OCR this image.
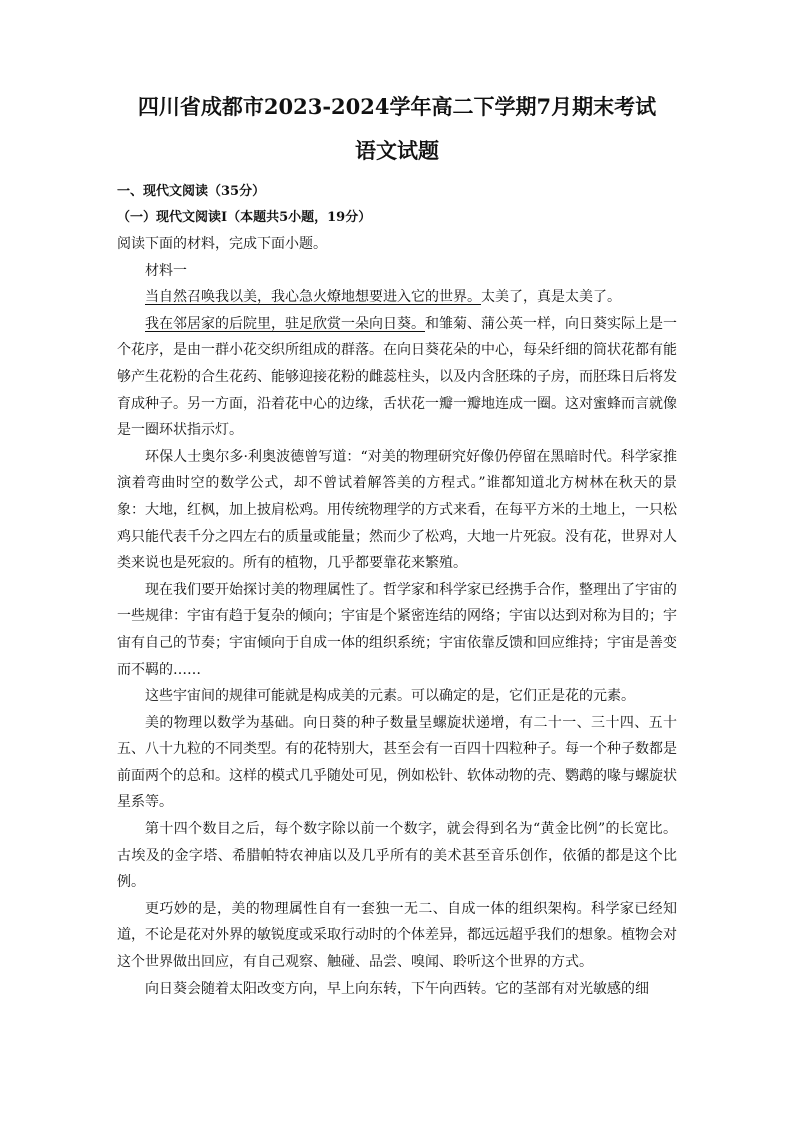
四川省成都市2023-2024学年高二下学期7月期末考试

语文试题

一、现代文阅读（35分）

（一）现代文阅读I（本题共5小题，19分）

阅读下面的材料，完成下面小题。

材料一

当自然召唤我以美，我心急火燎地想要进入它的世界。太美了，真是太美了。

我在邻居家的后院里，驻足欣赏一朵向日葵。和雏菊、蒲公英一样，向日葵实际上是一个花序，是由一群小花交织所组成的群落。在向日葵花朵的中心，每朵纤细的筒状花都有能够产生花粉的合生花药、能够迎接花粉的雌蕊柱头，以及内含胚珠的子房，而胚珠日后将发育成种子。另一方面，沿着花中心的边缘，舌状花一瓣一瓣地连成一圈。这对蜜蜂而言就像是一圈环状指示灯。

环保人士奥尔多·利奥波德曾写道：“对美的物理研究好像仍停留在黑暗时代。科学家推演着弯曲时空的数学公式，却不曾试着解答美的方程式。”谁都知道北方树林在秋天的景象：大地，红枫，加上披肩松鸡。用传统物理学的方式来看，在每平方米的土地上，一只松鸡只能代表千分之四左右的质量或能量；然而少了松鸡，大地一片死寂。没有花，世界对人类来说也是死寂的。所有的植物，几乎都要靠花来繁殖。

现在我们要开始探讨美的物理属性了。哲学家和科学家已经携手合作，整理出了宇宙的一些规律：宇宙有趋于复杂的倾向；宇宙是个紧密连结的网络；宇宙以达到对称为目的；宇宙有自己的节奏；宇宙倾向于自成一体的组织系统；宇宙依靠反馈和回应维持；宇宙是善变而不羁的……

这些宇宙间的规律可能就是构成美的元素。可以确定的是，它们正是花的元素。

美的物理以数学为基础。向日葵的种子数量呈螺旋状递增，有二十一、三十四、五十五、八十九粒的不同类型。有的花特别大，甚至会有一百四十四粒种子。每一个种子数都是前面两个的总和。这样的模式几乎随处可见，例如松针、软体动物的壳、鹦鹉的喙与螺旋状星系等。

第十四个数目之后，每个数字除以前一个数字，就会得到名为“黄金比例”的长宽比。古埃及的金字塔、希腊帕特农神庙以及几乎所有的美术甚至音乐创作，依循的都是这个比例。

更巧妙的是，美的物理属性自有一套独一无二、自成一体的组织架构。科学家已经知道，不论是花对外界的敏锐度或采取行动时的个体差异，都远远超乎我们的想象。植物会对这个世界做出回应，有自己观察、触碰、品尝、嗅闻、聆听这个世界的方式。

向日葵会随着太阳改变方向，早上向东转，下午向西转。它的茎部有对光敏感的细
